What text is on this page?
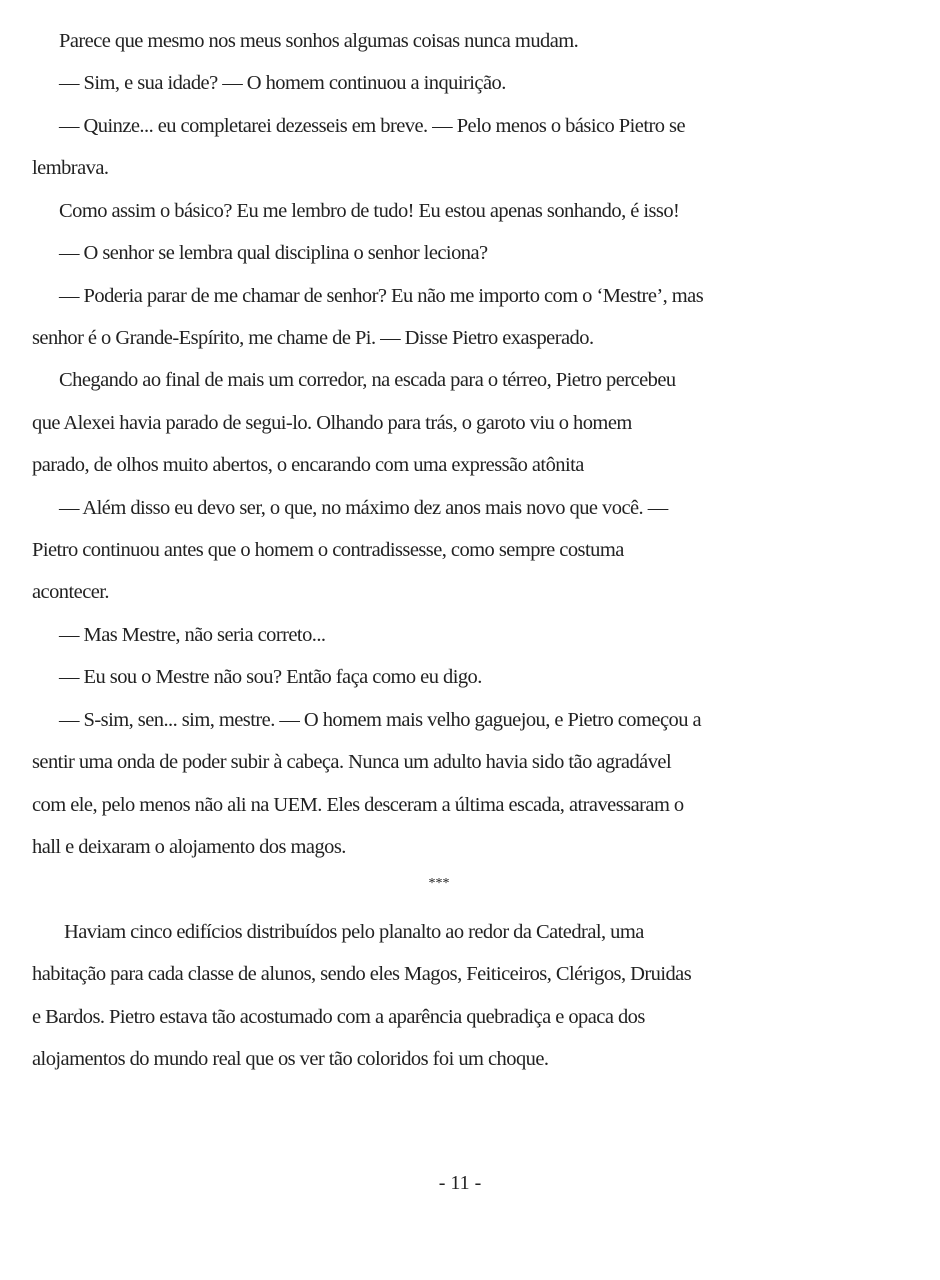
Parece que mesmo nos meus sonhos algumas coisas nunca mudam.
— Sim, e sua idade? — O homem continuou a inquirição.
— Quinze... eu completarei dezesseis em breve. — Pelo menos o básico Pietro se
lembrava.
Como assim o básico? Eu me lembro de tudo! Eu estou apenas sonhando, é isso!
— O senhor se lembra qual disciplina o senhor leciona?
— Poderia parar de me chamar de senhor? Eu não me importo com o ‘Mestre’, mas
senhor é o Grande-Espírito, me chame de Pi. — Disse Pietro exasperado.
Chegando ao final de mais um corredor, na escada para o térreo, Pietro percebeu
que Alexei havia parado de segui-lo. Olhando para trás, o garoto viu o homem
parado, de olhos muito abertos, o encarando com uma expressão atônita
— Além disso eu devo ser, o que, no máximo dez anos mais novo que você. —
Pietro continuou antes que o homem o contradissesse, como sempre costuma
acontecer.
— Mas Mestre, não seria correto...
— Eu sou o Mestre não sou? Então faça como eu digo.
— S-sim, sen... sim, mestre. — O homem mais velho gaguejou, e Pietro começou a
sentir uma onda de poder subir à cabeça. Nunca um adulto havia sido tão agradável
com ele, pelo menos não ali na UEM. Eles desceram a última escada, atravessaram o
hall e deixaram o alojamento dos magos.
***
Haviam cinco edifícios distribuídos pelo planalto ao redor da Catedral, uma
habitação para cada classe de alunos, sendo eles Magos, Feiticeiros, Clérigos, Druidas
e Bardos. Pietro estava tão acostumado com a aparência quebradiça e opaca dos
alojamentos do mundo real que os ver tão coloridos foi um choque.
- 11 -
